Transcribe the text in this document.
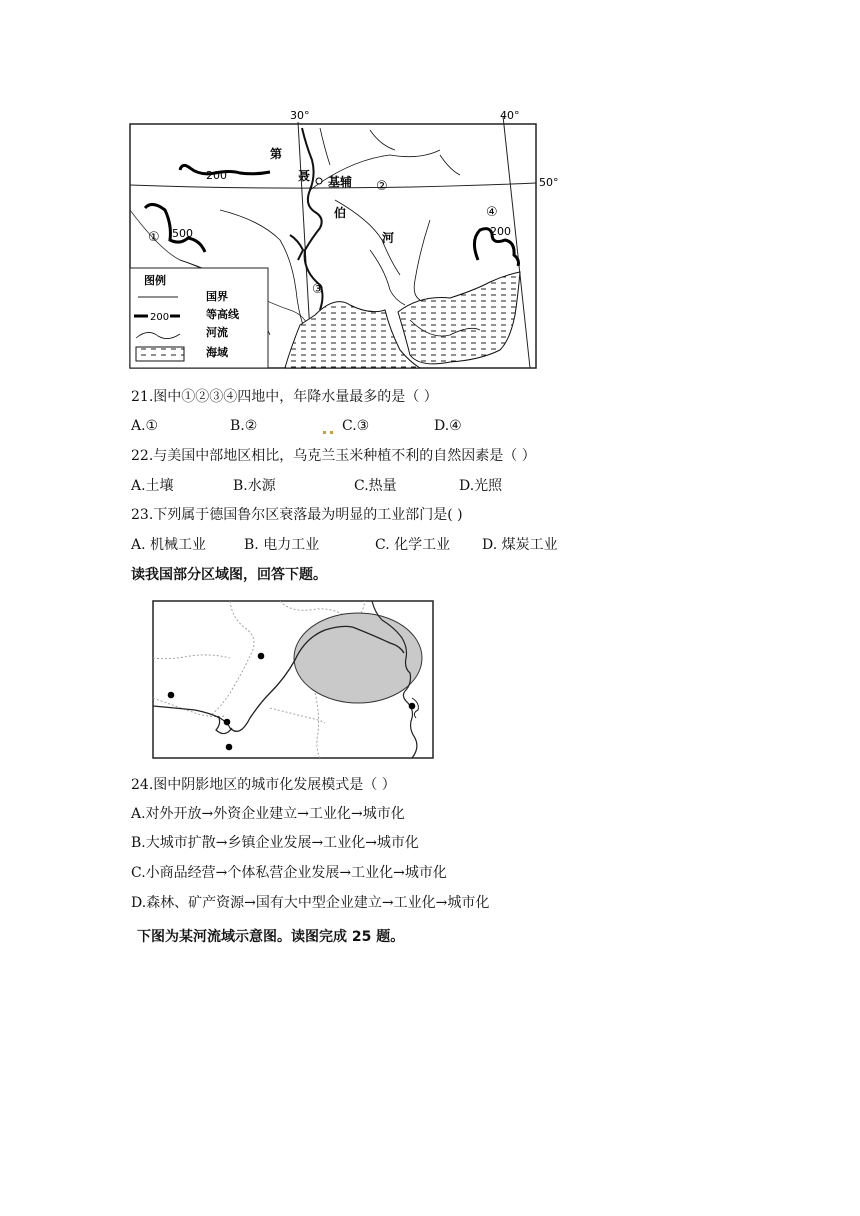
30°	40°
50°
基辅
第
聂
伯
河
200
500	200
①
②
③
④
图例
国界
200	等高线
河流
海域
21.图中①②③④四地中，年降水量最多的是（ ）
A.①	B.②	C.③	D.④
22.与美国中部地区相比，乌克兰玉米种植不利的自然因素是（ ）
A.土壤	B.水源	C.热量	D.光照
23.下列属于德国鲁尔区衰落最为明显的工业部门是( )
A. 机械工业	B. 电力工业	C. 化学工业 D. 煤炭工业
读我国部分区域图，回答下题。
24.图中阴影地区的城市化发展模式是（ ）
A.对外开放→外资企业建立→工业化→城市化
B.大城市扩散→乡镇企业发展→工业化→城市化
C.小商品经营→个体私营企业发展→工业化→城市化
D.森林、矿产资源→国有大中型企业建立→工业化→城市化
下图为某河流域示意图。读图完成 25 题。
